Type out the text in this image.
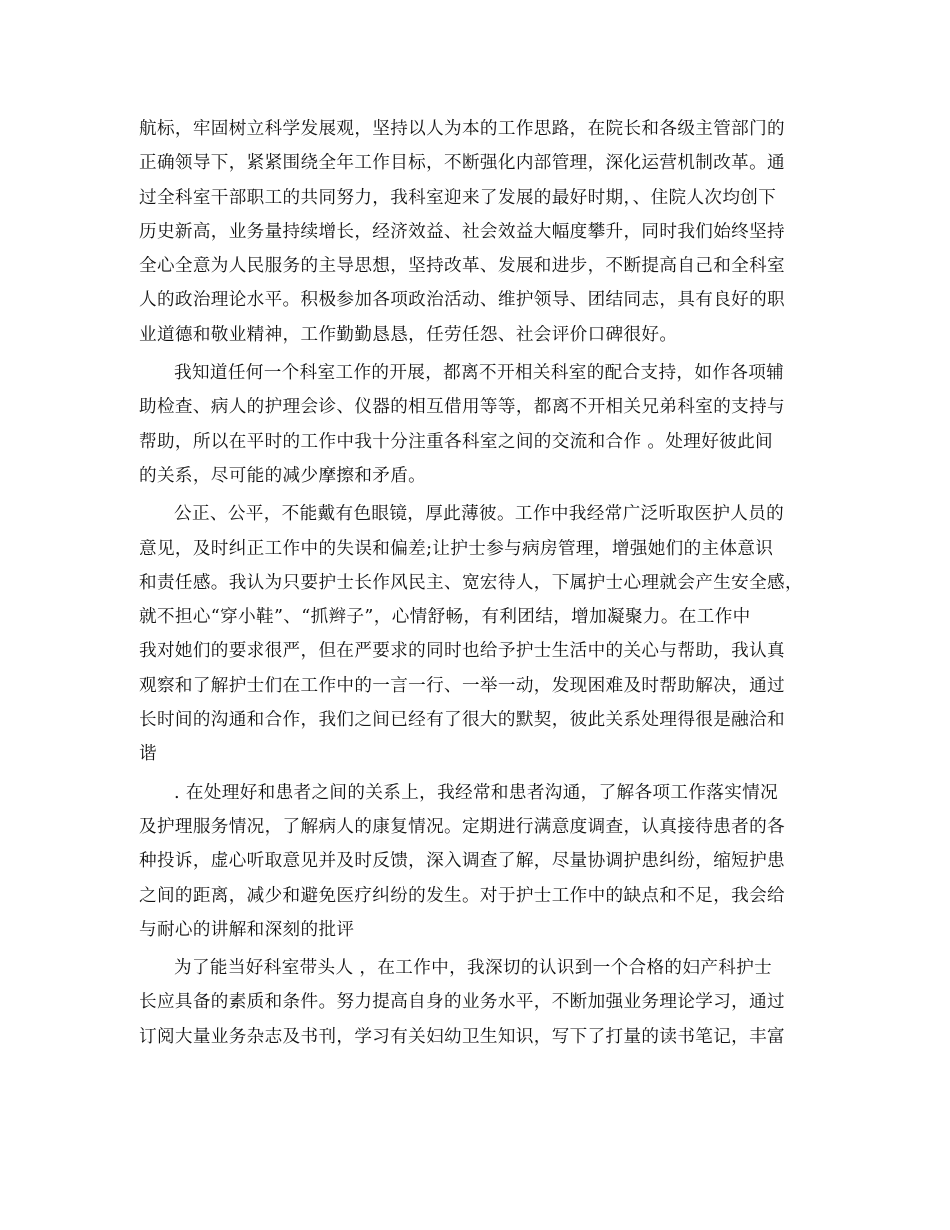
航标，牢固树立科学发展观，坚持以人为本的工作思路，在院长和各级主管部门的
正确领导下，紧紧围绕全年工作目标，不断强化内部管理，深化运营机制改革。通
过全科室干部职工的共同努力，我科室迎来了发展的最好时期，、住院人次均创下
历史新高，业务量持续增长，经济效益、社会效益大幅度攀升，同时我们始终坚持
全心全意为人民服务的主导思想，坚持改革、发展和进步，不断提高自己和全科室
人的政治理论水平。积极参加各项政治活动、维护领导、团结同志，具有良好的职
业道德和敬业精神，工作勤勤恳恳，任劳任怨、社会评价口碑很好。
我知道任何一个科室工作的开展，都离不开相关科室的配合支持，如作各项辅
助检查、病人的护理会诊、仪器的相互借用等等，都离不开相关兄弟科室的支持与
帮助，所以在平时的工作中我十分注重各科室之间的交流和合作 。处理好彼此间
的关系，尽可能的减少摩擦和矛盾。
公正、公平，不能戴有色眼镜，厚此薄彼。工作中我经常广泛听取医护人员的
意见，及时纠正工作中的失误和偏差;让护士参与病房管理，增强她们的主体意识
和责任感。我认为只要护士长作风民主、宽宏待人，下属护士心理就会产生安全感，
就不担心“穿小鞋”、“抓辫子”，心情舒畅，有利团结，增加凝聚力。在工作中
我对她们的要求很严，但在严要求的同时也给予护士生活中的关心与帮助，我认真
观察和了解护士们在工作中的一言一行、一举一动，发现困难及时帮助解决，通过
长时间的沟通和合作，我们之间已经有了很大的默契，彼此关系处理得很是融洽和
谐
. 在处理好和患者之间的关系上，我经常和患者沟通，了解各项工作落实情况
及护理服务情况，了解病人的康复情况。定期进行满意度调查，认真接待患者的各
种投诉，虚心听取意见并及时反馈，深入调查了解，尽量协调护患纠纷，缩短护患
之间的距离，减少和避免医疗纠纷的发生。对于护士工作中的缺点和不足，我会给
与耐心的讲解和深刻的批评
为了能当好科室带头人 ，在工作中，我深切的认识到一个合格的妇产科护士
长应具备的素质和条件。努力提高自身的业务水平，不断加强业务理论学习，通过
订阅大量业务杂志及书刊，学习有关妇幼卫生知识，写下了打量的读书笔记，丰富
